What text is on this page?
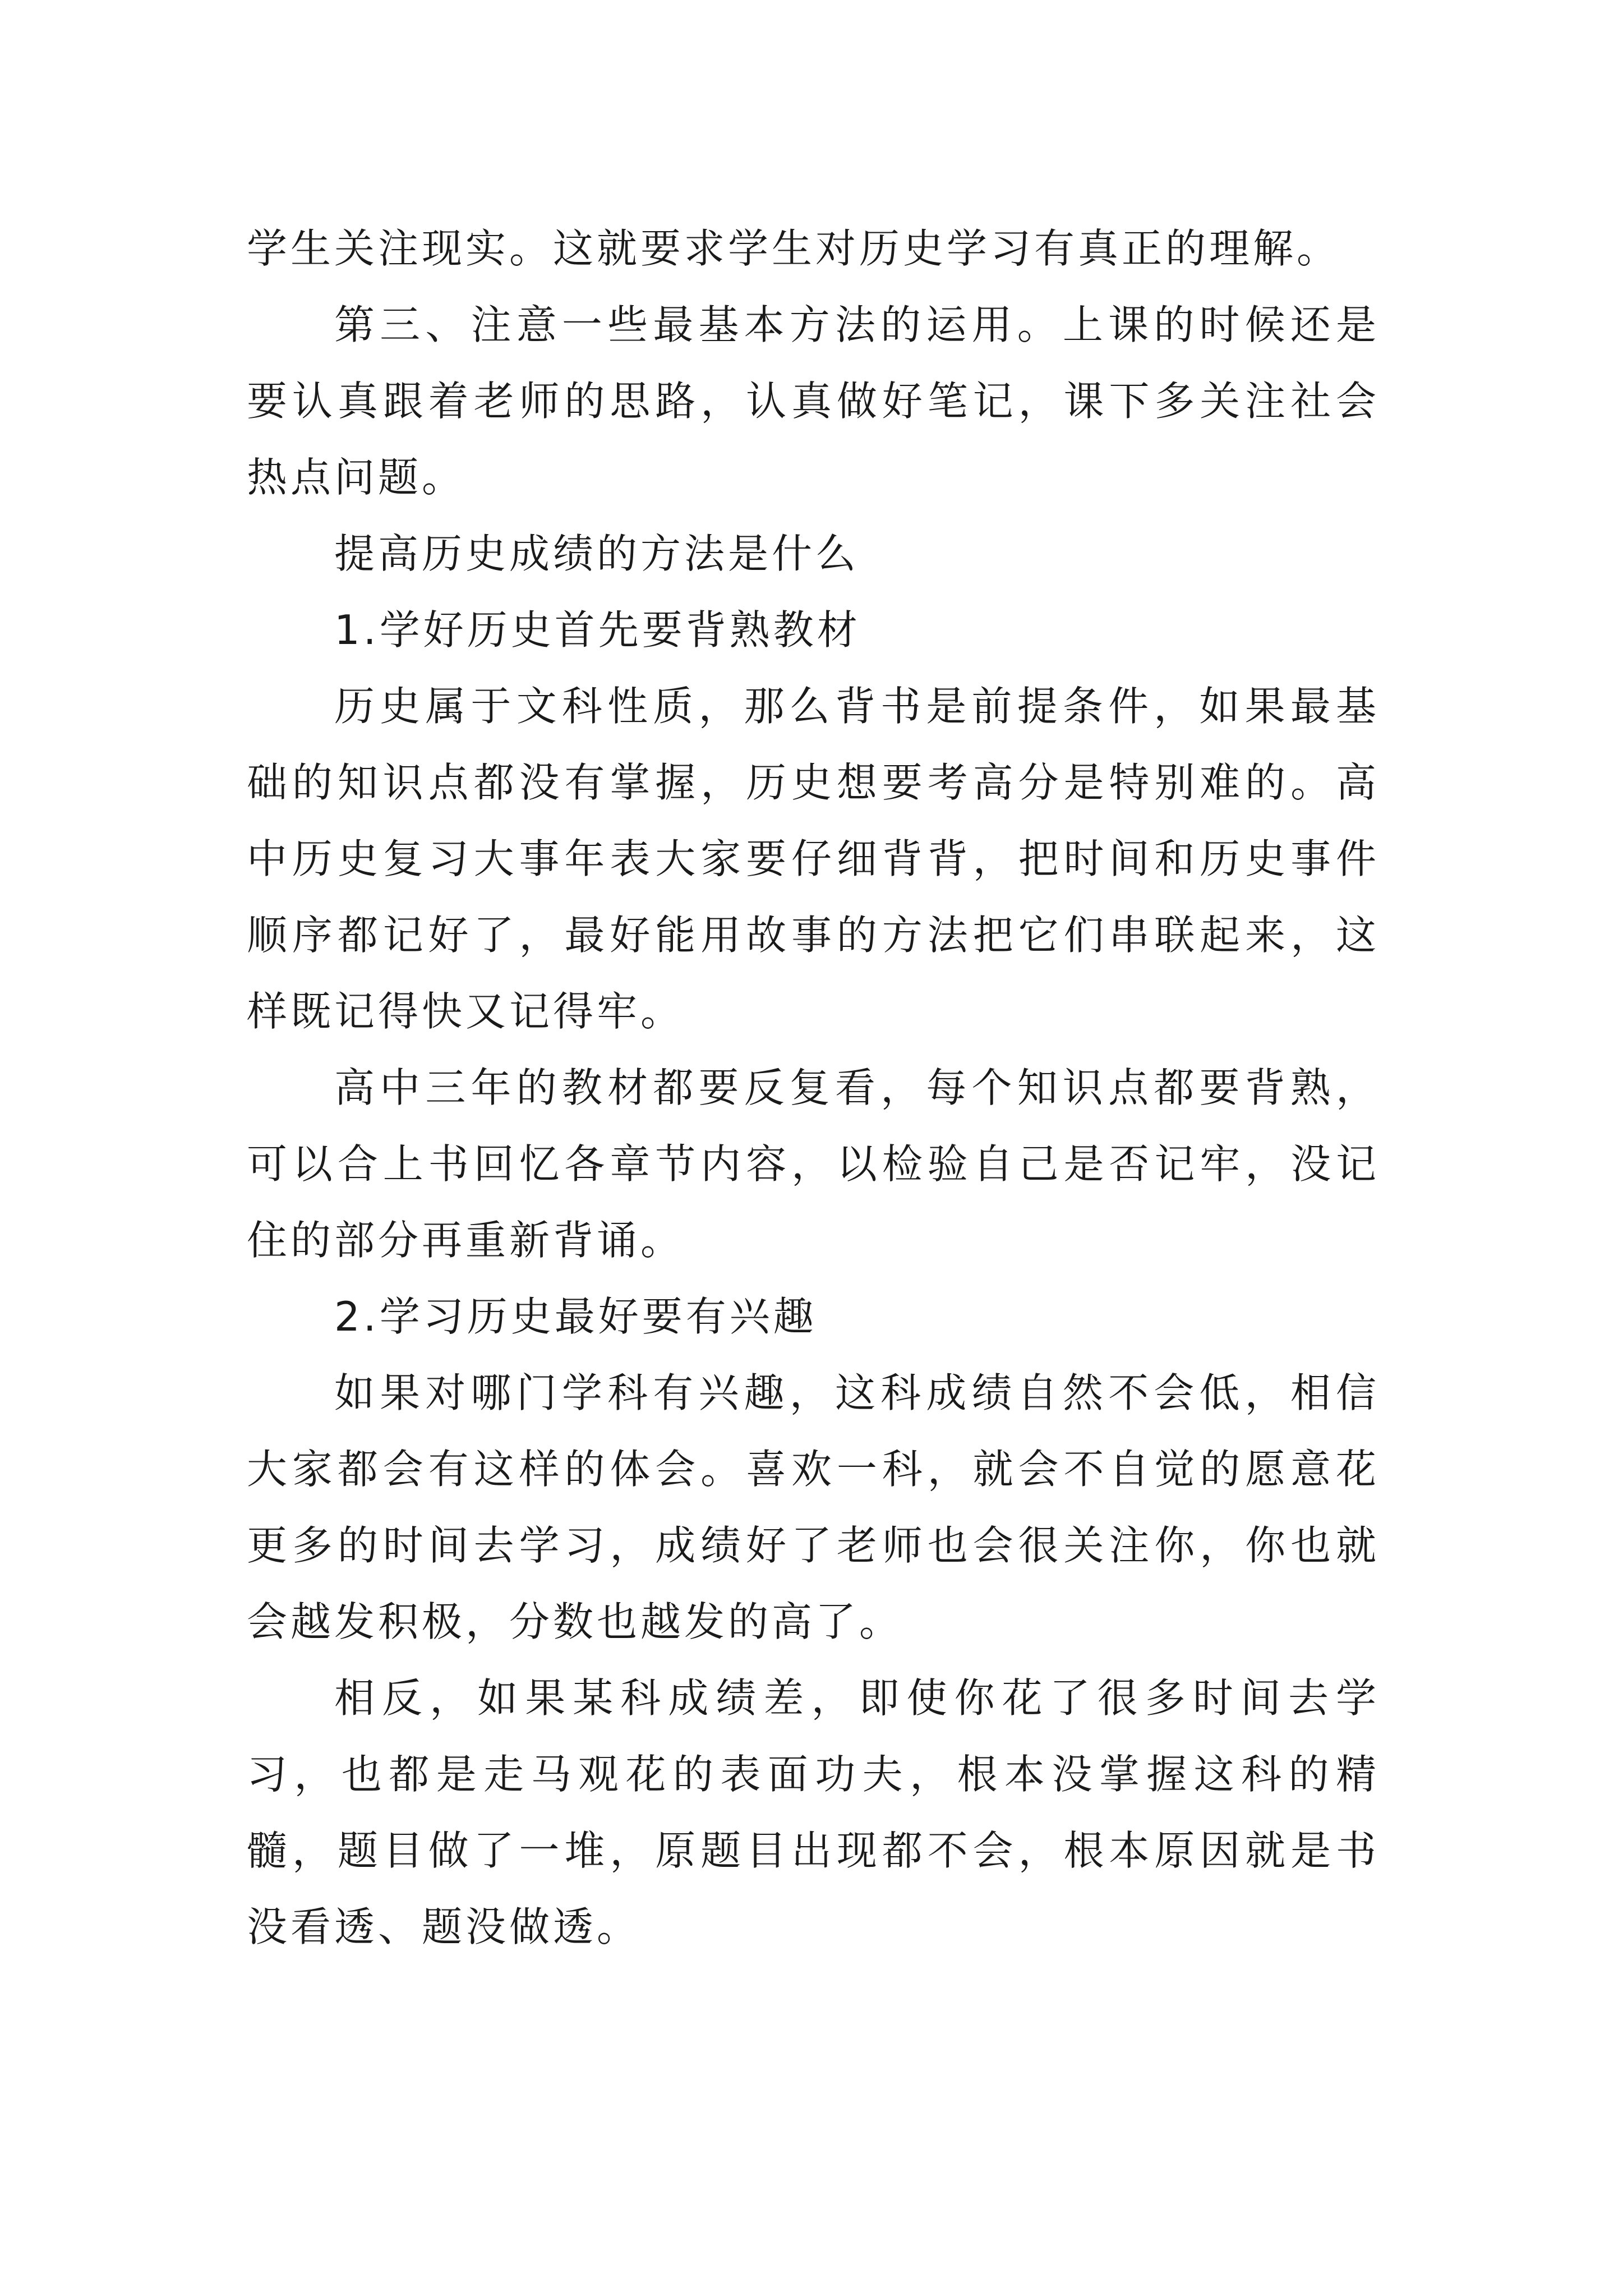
学生关注现实。这就要求学生对历史学习有真正的理解。

第三、注意一些最基本方法的运用。上课的时候还是要认真跟着老师的思路，认真做好笔记，课下多关注社会热点问题。

提高历史成绩的方法是什么

1.学好历史首先要背熟教材

历史属于文科性质，那么背书是前提条件，如果最基础的知识点都没有掌握，历史想要考高分是特别难的。高中历史复习大事年表大家要仔细背背，把时间和历史事件顺序都记好了，最好能用故事的方法把它们串联起来，这样既记得快又记得牢。

高中三年的教材都要反复看，每个知识点都要背熟，可以合上书回忆各章节内容，以检验自己是否记牢，没记住的部分再重新背诵。

2.学习历史最好要有兴趣

如果对哪门学科有兴趣，这科成绩自然不会低，相信大家都会有这样的体会。喜欢一科，就会不自觉的愿意花更多的时间去学习，成绩好了老师也会很关注你，你也就会越发积极，分数也越发的高了。

相反，如果某科成绩差，即使你花了很多时间去学习，也都是走马观花的表面功夫，根本没掌握这科的精髓，题目做了一堆，原题目出现都不会，根本原因就是书没看透、题没做透。
